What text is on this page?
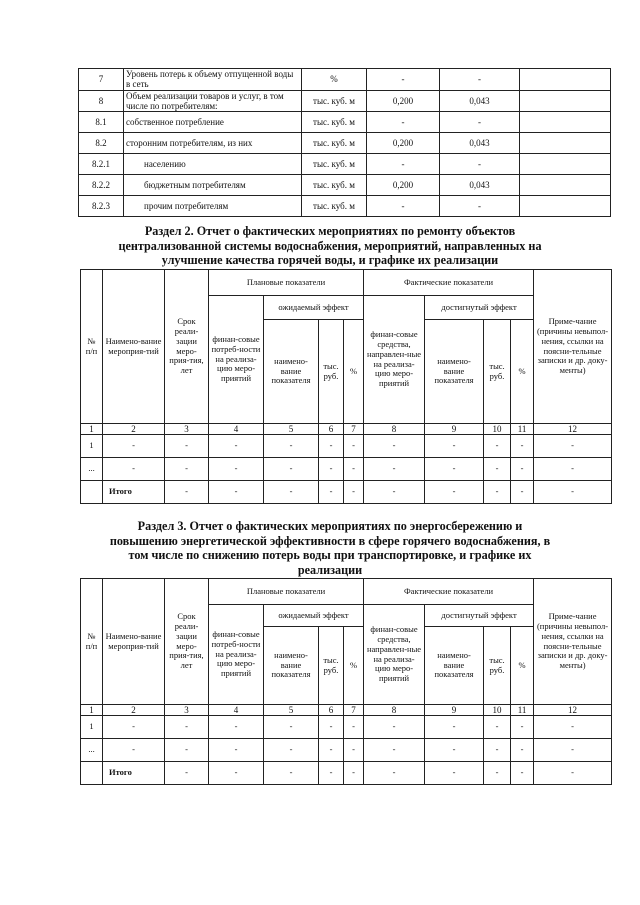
7	Уровень потерь к объему отпущенной воды в сеть	%	-	-	
8	Объем реализации товаров и услуг, в том числе по потребителям:	тыс. куб. м	0,200	0,043	
8.1	собственное потребление	тыс. куб. м	-	-	
8.2	сторонним потребителям, из них	тыс. куб. м	0,200	0,043	
8.2.1	населению	тыс. куб. м	-	-	
8.2.2	бюджетным потребителям	тыс. куб. м	0,200	0,043	
8.2.3	прочим потребителям	тыс. куб. м	-	-	
Раздел 2. Отчет о фактических мероприятиях по ремонту объектов
централизованной системы водоснабжения, мероприятий, направленных на
улучшение качества горячей воды, и графике их реализации
№ п/п	Наимено-вание мероприя-тий	Срок реали-зации меро-прия-тия, лет	Плановые показатели				Фактические показатели				Приме-чание (причины невыпол-нения, ссылки на поясни-тельные записки и др. доку-менты)
			финан-совые потреб-ности на реализа-цию меро-приятий	ожидаемый эффект			финан-совые средства, направлен-ные на реализа-цию меро-приятий	достигнутый эффект			
				наимено-вание показателя	тыс. руб.	%		наимено-вание показателя	тыс. руб.	%	
1	2	3	4	5	6	7	8	9	10	11	12
1	-	-	-	-	-	-	-	-	-	-	-
...	-	-	-	-	-	-	-	-	-	-	-
	Итого	-	-	-	-	-	-	-	-	-	-
Раздел 3. Отчет о фактических мероприятиях по энергосбережению и
повышению энергетической эффективности в сфере горячего водоснабжения, в
том числе по снижению потерь воды при транспортировке, и графике их
реализации
№ п/п	Наимено-вание мероприя-тий	Срок реали-зации меро-прия-тия, лет	Плановые показатели				Фактические показатели				Приме-чание (причины невыпол-нения, ссылки на поясни-тельные записки и др. доку-менты)
			финан-совые потреб-ности на реализа-цию меро-приятий	ожидаемый эффект			финан-совые средства, направлен-ные на реализа-цию меро-приятий	достигнутый эффект			
				наимено-вание показателя	тыс. руб.	%		наимено-вание показателя	тыс. руб.	%	
1	2	3	4	5	6	7	8	9	10	11	12
1	-	-	-	-	-	-	-	-	-	-	-
...	-	-	-	-	-	-	-	-	-	-	-
	Итого	-	-	-	-	-	-	-	-	-	-
